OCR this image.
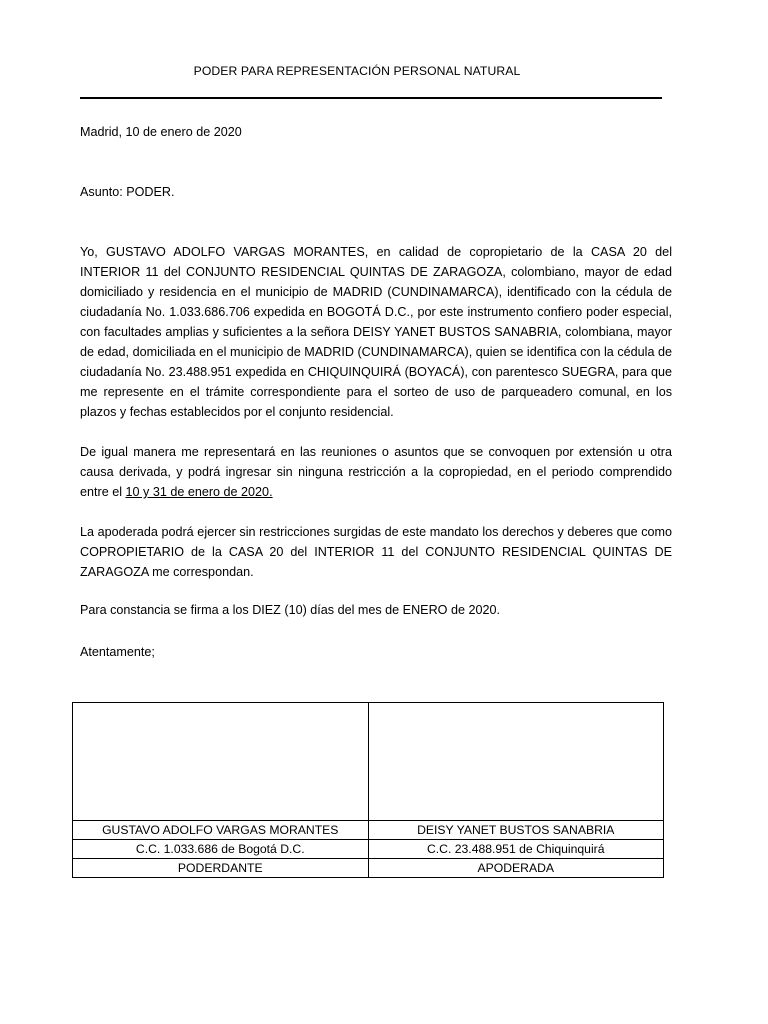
PODER PARA REPRESENTACIÓN PERSONAL NATURAL
Madrid, 10 de enero de 2020
Asunto: PODER.

Yo, GUSTAVO ADOLFO VARGAS MORANTES, en calidad de copropietario de la CASA 20 del INTERIOR 11 del CONJUNTO RESIDENCIAL QUINTAS DE ZARAGOZA, colombiano, mayor de edad domiciliado y residencia en el municipio de MADRID (CUNDINAMARCA), identificado con la cédula de ciudadanía No. 1.033.686.706 expedida en BOGOTÁ D.C., por este instrumento confiero poder especial, con facultades amplias y suficientes a la señora DEISY YANET BUSTOS SANABRIA, colombiana, mayor de edad, domiciliada en el municipio de MADRID (CUNDINAMARCA), quien se identifica con la cédula de ciudadanía No. 23.488.951 expedida en CHIQUINQUIRÁ (BOYACÁ), con parentesco SUEGRA, para que me represente en el trámite correspondiente para el sorteo de uso de parqueadero comunal, en los plazos y fechas establecidos por el conjunto residencial.

De igual manera me representará en las reuniones o asuntos que se convoquen por extensión u otra causa derivada, y podrá ingresar sin ninguna restricción a la copropiedad, en el periodo comprendido entre el 10 y 31 de enero de 2020.

La apoderada podrá ejercer sin restricciones surgidas de este mandato los derechos y deberes que como COPROPIETARIO de la CASA 20 del INTERIOR 11 del CONJUNTO RESIDENCIAL QUINTAS DE ZARAGOZA me correspondan.

Para constancia se firma a los DIEZ (10) días del mes de ENERO de 2020.
Atentamente;

GUSTAVO ADOLFO VARGAS MORANTES	DEISY YANET BUSTOS SANABRIA
C.C. 1.033.686 de Bogotá D.C.	C.C. 23.488.951 de Chiquinquirá
PODERDANTE	APODERADA
